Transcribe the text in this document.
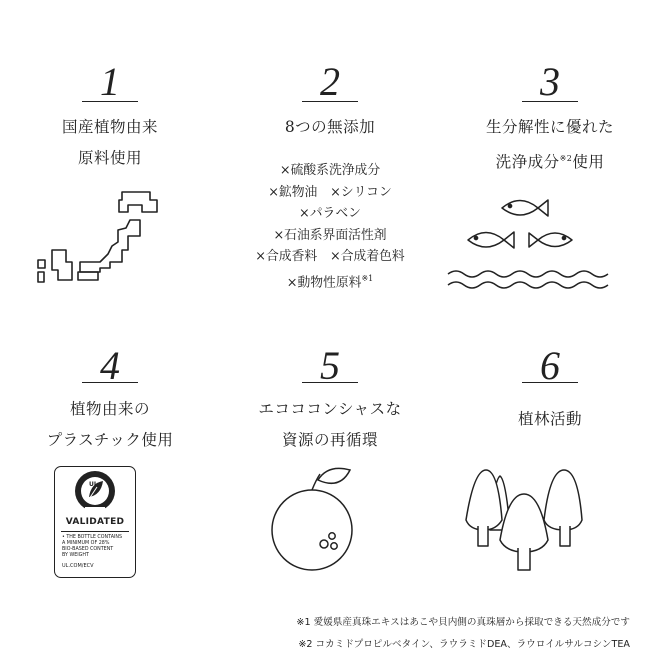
1
国産植物由来
原料使用
2
8つの無添加
×硫酸系洗浄成分
×鉱物油　×シリコン
×パラベン
×石油系界面活性剤
×合成香料　×合成着色料
×動物性原料$^{※1}$
3
生分解性に優れた
洗浄成分$^{※2}$使用
4
植物由来の
プラスチック使用
UL
VALIDATED
• THE BOTTLE CONTAINS
A MINIMUM OF 28%
BIO-BASED CONTENT
BY WEIGHT
UL.COM/ECV
5
エコココンシャスな
資源の再循環
6
植林活動
※1 愛媛県産真珠エキスはあこや貝内側の真珠層から採取できる天然成分です
※2 コカミドプロピルベタイン、ラウラミドDEA、ラウロイルサルコシンTEA
